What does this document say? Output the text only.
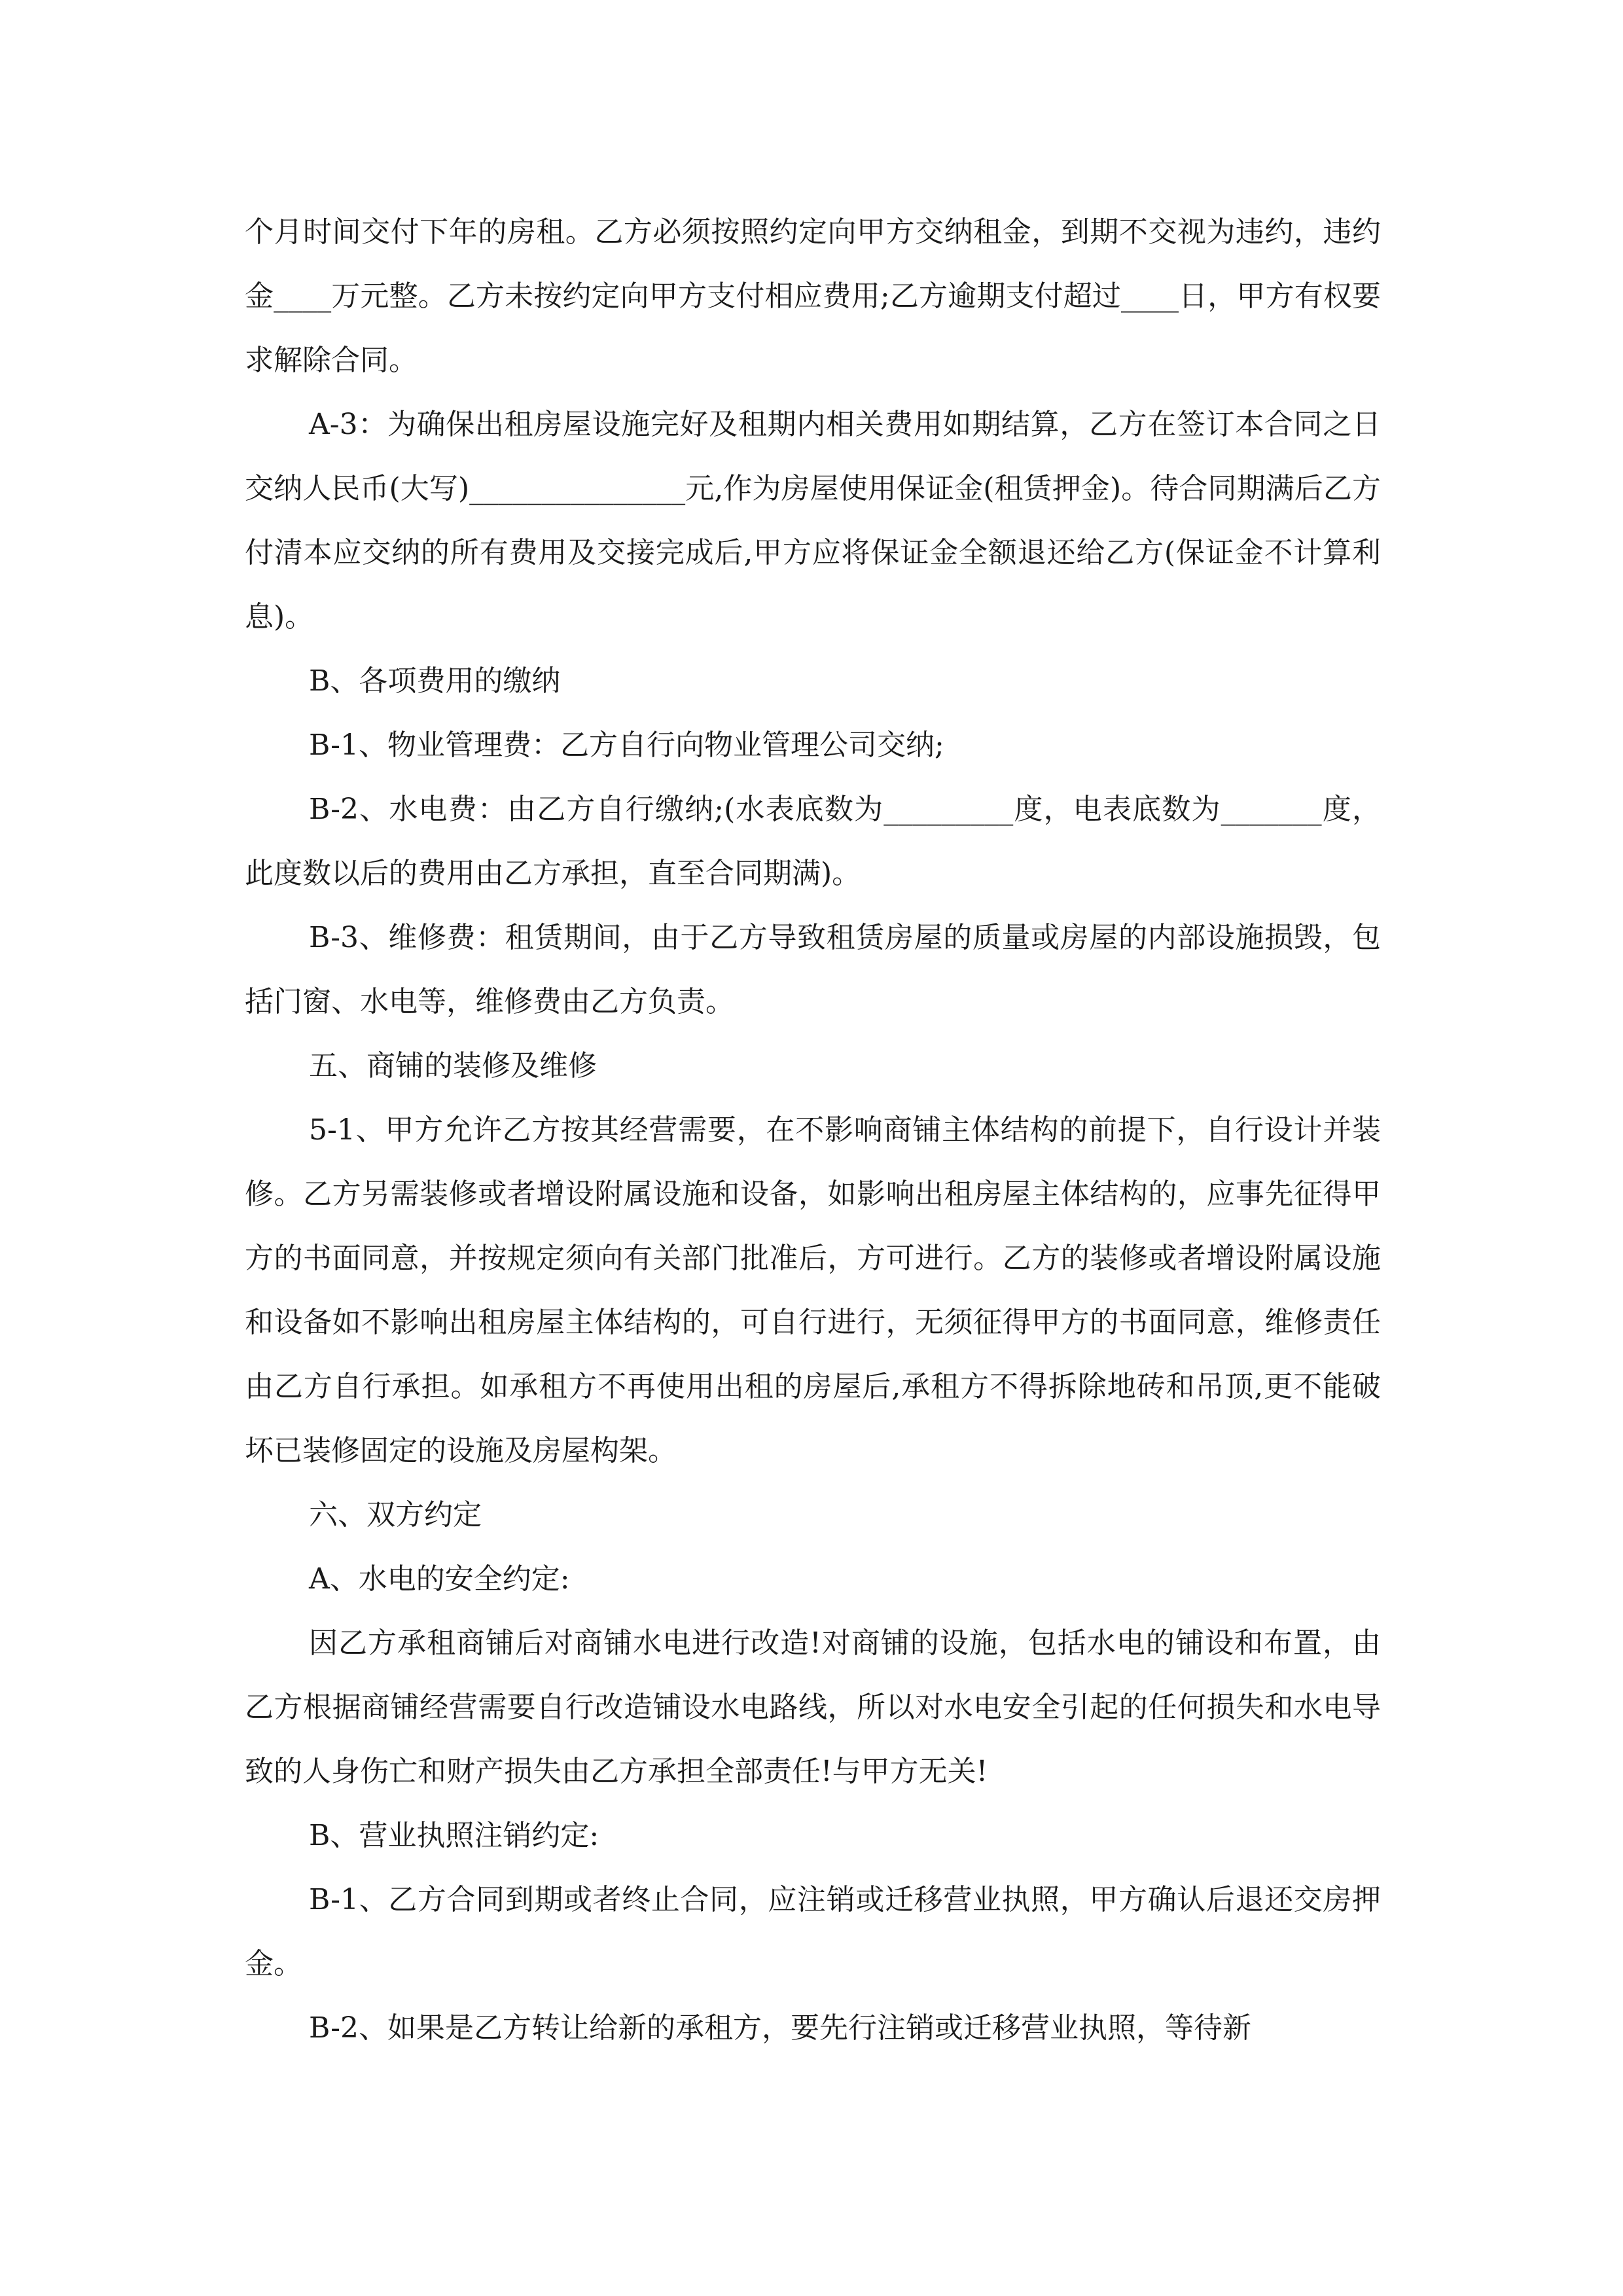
个月时间交付下年的房租。乙方必须按照约定向甲方交纳租金，到期不交视为违约，违约金____万元整。乙方未按约定向甲方支付相应费用;乙方逾期支付超过____日，甲方有权要求解除合同。

A-3：为确保出租房屋设施完好及租期内相关费用如期结算，乙方在签订本合同之日交纳人民币(大写)_______________元,作为房屋使用保证金(租赁押金)。待合同期满后乙方付清本应交纳的所有费用及交接完成后,甲方应将保证金全额退还给乙方(保证金不计算利息)。

B、各项费用的缴纳

B-1、物业管理费：乙方自行向物业管理公司交纳;

B-2、水电费：由乙方自行缴纳;(水表底数为_________度，电表底数为_______度，此度数以后的费用由乙方承担，直至合同期满)。

B-3、维修费：租赁期间，由于乙方导致租赁房屋的质量或房屋的内部设施损毁，包括门窗、水电等，维修费由乙方负责。

五、商铺的装修及维修

5-1、甲方允许乙方按其经营需要，在不影响商铺主体结构的前提下，自行设计并装修。乙方另需装修或者增设附属设施和设备，如影响出租房屋主体结构的，应事先征得甲方的书面同意，并按规定须向有关部门批准后，方可进行。乙方的装修或者增设附属设施和设备如不影响出租房屋主体结构的，可自行进行，无须征得甲方的书面同意，维修责任由乙方自行承担。如承租方不再使用出租的房屋后,承租方不得拆除地砖和吊顶,更不能破坏已装修固定的设施及房屋构架。

六、双方约定

A、水电的安全约定:

因乙方承租商铺后对商铺水电进行改造!对商铺的设施，包括水电的铺设和布置，由乙方根据商铺经营需要自行改造铺设水电路线，所以对水电安全引起的任何损失和水电导致的人身伤亡和财产损失由乙方承担全部责任!与甲方无关!

B、营业执照注销约定:

B-1、乙方合同到期或者终止合同，应注销或迁移营业执照，甲方确认后退还交房押金。

B-2、如果是乙方转让给新的承租方，要先行注销或迁移营业执照，等待新
